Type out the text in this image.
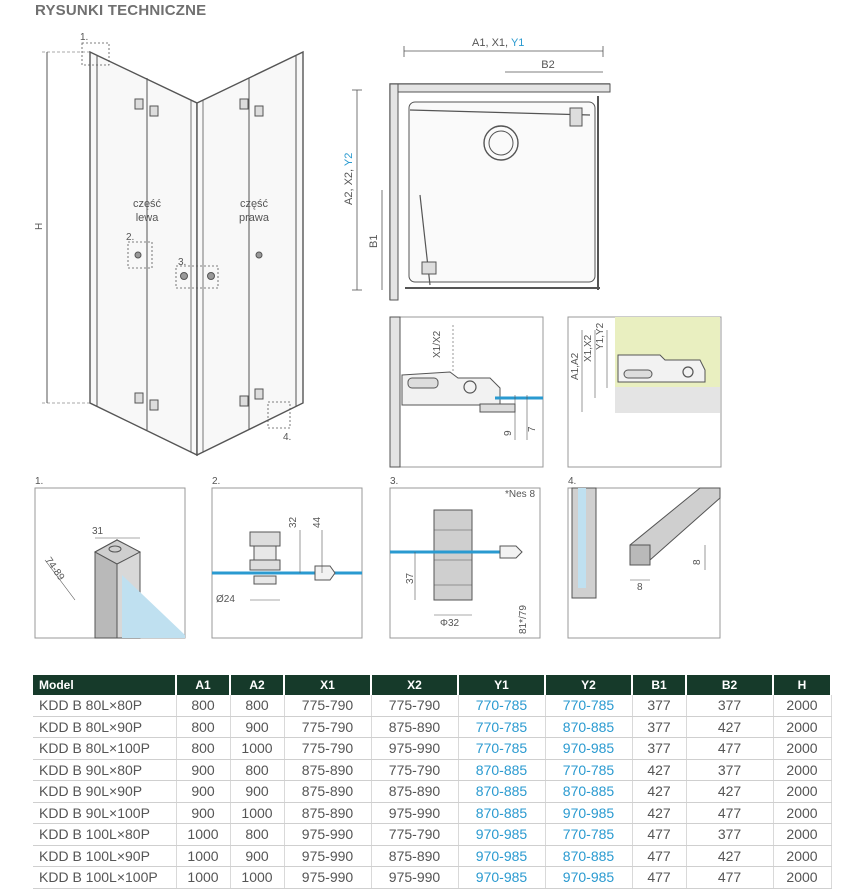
RYSUNKI TECHNICZNE
1.
2.
3.
4.
H
część
lewa
część
prawa
A1, X1, Y1
B2
A2, X2, Y2
B1
X1/X2
9
7
A1,A2
X1,X2 Y1,Y2
1.
31
74-89
2.
32 44
Ø24
3.
*Nes 8
37
Φ32	81*/79
4.
8
8
Model	A1	A2	X1	X2	Y1	Y2	B1	B2	H
KDD B 80L×80P	800	800	775-790	775-790	770-785	770-785	377	377	2000
KDD B 80L×90P	800	900	775-790	875-890	770-785	870-885	377	427	2000
KDD B 80L×100P	800	1000	775-790	975-990	770-785	970-985	377	477	2000
KDD B 90L×80P	900	800	875-890	775-790	870-885	770-785	427	377	2000
KDD B 90L×90P	900	900	875-890	875-890	870-885	870-885	427	427	2000
KDD B 90L×100P	900	1000	875-890	975-990	870-885	970-985	427	477	2000
KDD B 100L×80P	1000	800	975-990	775-790	970-985	770-785	477	377	2000
KDD B 100L×90P	1000	900	975-990	875-890	970-985	870-885	477	427	2000
KDD B 100L×100P	1000	1000	975-990	975-990	970-985	970-985	477	477	2000
